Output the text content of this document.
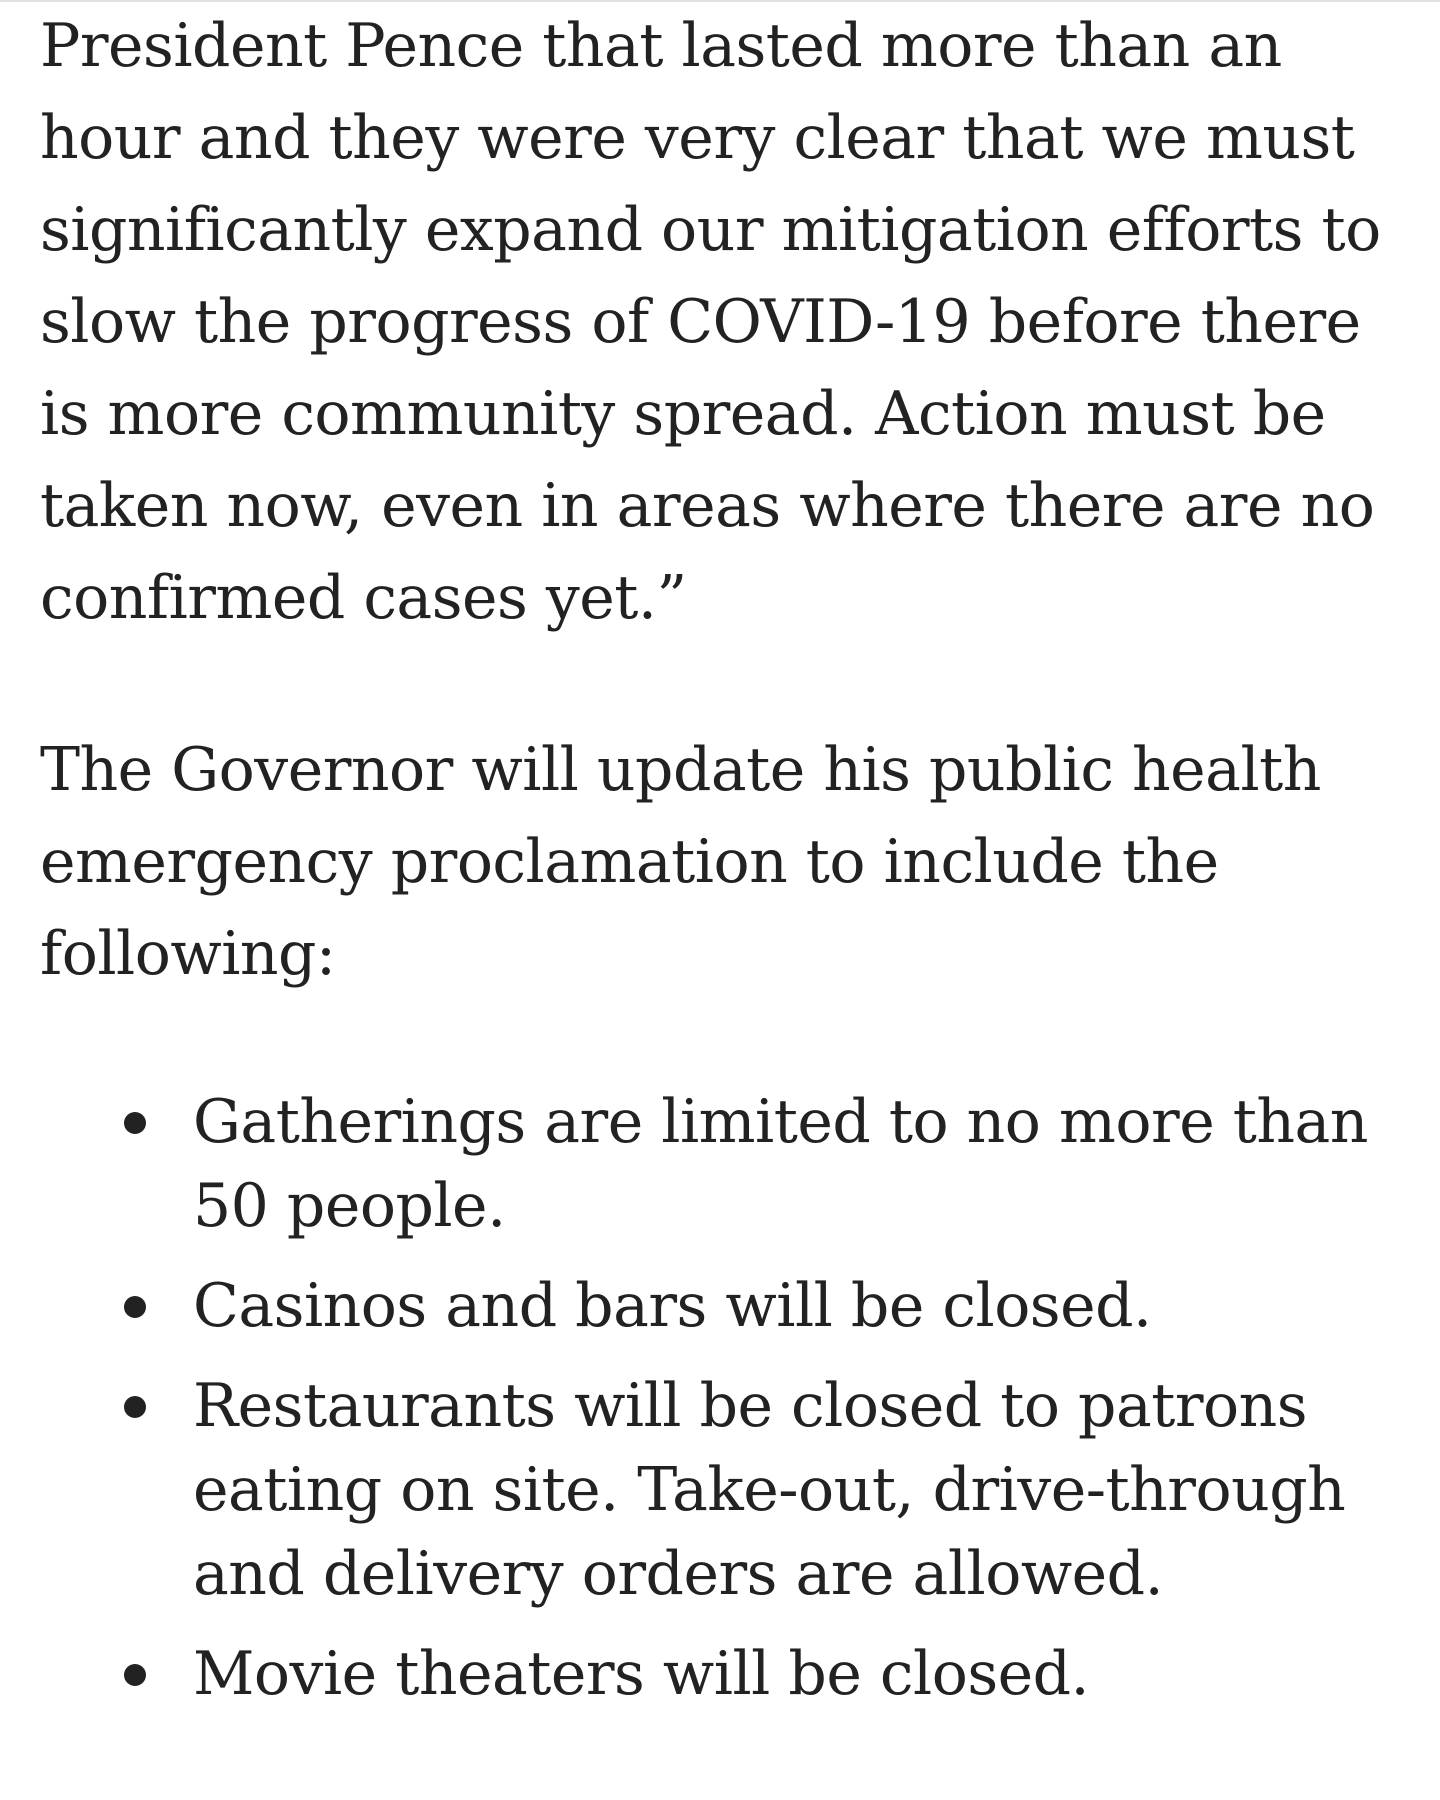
President Pence that lasted more than an hour and they were very clear that we must significantly expand our mitigation efforts to slow the progress of COVID-19 before there is more community spread. Action must be taken now, even in areas where there are no confirmed cases yet.”

The Governor will update his public health emergency proclamation to include the following:

Gatherings are limited to no more than 50 people.
Casinos and bars will be closed.
Restaurants will be closed to patrons eating on site. Take-out, drive-through and delivery orders are allowed.
Movie theaters will be closed.
